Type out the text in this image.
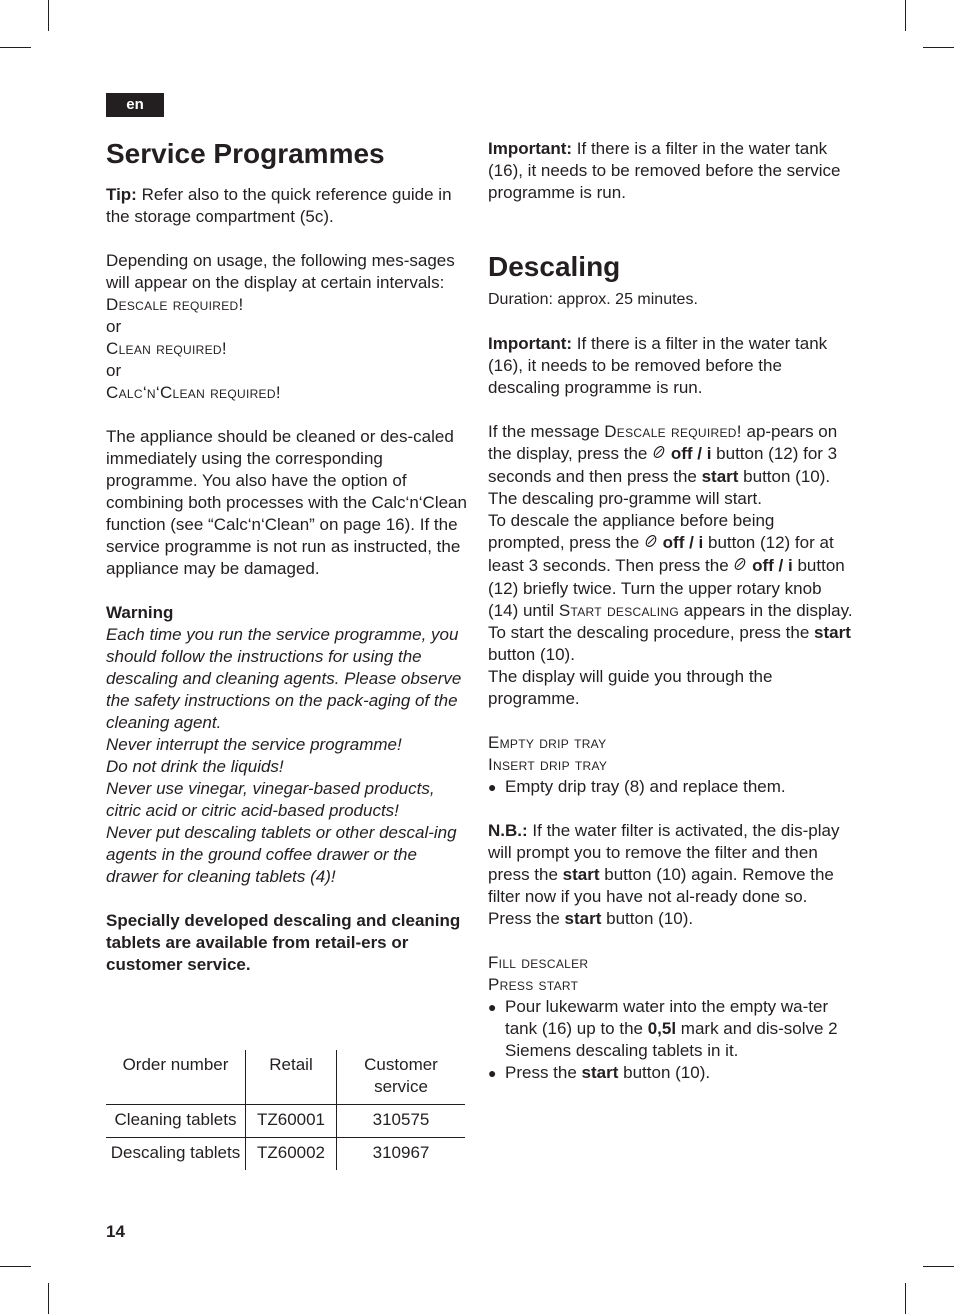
en
Service Programmes

Tip: Refer also to the quick reference guide in the storage compartment (5c).

Depending on usage, the following mes-sages will appear on the display at certain intervals:

Descale required!

or

Clean required!

or

Calc‘n‘Clean required!

The appliance should be cleaned or des-caled immediately using the corresponding programme. You also have the option of combining both processes with the Calc‘n‘Clean function (see “Calc‘n‘Clean” on page 16). If the service programme is not run as instructed, the appliance may be damaged.

Warning

Each time you run the service programme, you should follow the instructions for using the descaling and cleaning agents. Please observe the safety instructions on the pack-aging of the cleaning agent.

Never interrupt the service programme!

Do not drink the liquids!

Never use vinegar, vinegar-based products, citric acid or citric acid-based products!

Never put descaling tablets or other descal-ing agents in the ground coffee drawer or the drawer for cleaning tablets (4)!

Specially developed descaling and cleaning tablets are available from retail-ers or customer service.

Order number	Retail	Customer service
Cleaning tablets	TZ60001	310575
Descaling tablets	TZ60002	310967

Important: If there is a filter in the water tank (16), it needs to be removed before the service programme is run.

Descaling

Duration: approx. 25 minutes.

Important: If there is a filter in the water tank (16), it needs to be removed before the descaling programme is run.

If the message Descale required! ap-pears on the display, press the  off / i button (12) for 3 seconds and then press the start button (10). The descaling pro-gramme will start.

To descale the appliance before being prompted, press the  off / i button (12) for at least 3 seconds. Then press the  off / i button (12) briefly twice. Turn the upper rotary knob (14) until Start descaling appears in the display.

To start the descaling procedure, press the start button (10).

The display will guide you through the programme.

Empty drip tray

Insert drip tray

● Empty drip tray (8) and replace them.

N.B.: If the water filter is activated, the dis-play will prompt you to remove the filter and then press the start button (10) again. Remove the filter now if you have not al-ready done so. Press the start button (10).

Fill descaler

Press start

● Pour lukewarm water into the empty wa-ter tank (16) up to the 0,5l mark and dis-solve 2 Siemens descaling tablets in it.
● Press the start button (10).
14
